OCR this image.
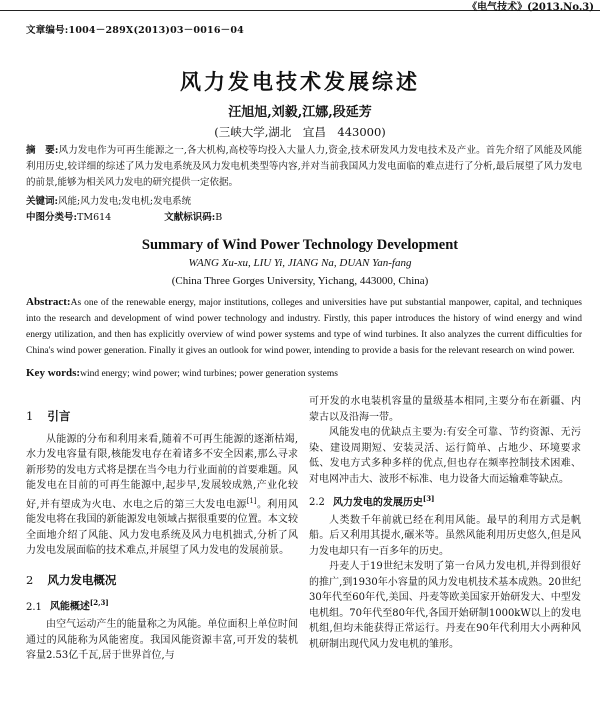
《电气技术》(2013.No.3)
文章编号:1004－289X(2013)03－0016－04
风力发电技术发展综述
汪旭旭,刘毅,江娜,段延芳
(三峡大学,湖北　宜昌　443000)
摘　要:风力发电作为可再生能源之一,各大机构,高校等均投入大量人力,资金,技术研发风力发电技术及产业。首先介绍了风能及风能利用历史,较详细的综述了风力发电系统及风力发电机类型等内容,并对当前我国风力发电面临的难点进行了分析,最后展望了风力发电的前景,能够为相关风力发电的研究提供一定依据。
关键词:风能;风力发电;发电机;发电系统
中图分类号:TM614	文献标识码:B
Summary of Wind Power Technology Development
WANG Xu-xu, LIU Yi, JIANG Na, DUAN Yan-fang
(China Three Gorges University, Yichang, 443000, China)
Abstract:As one of the renewable energy, major institutions, colleges and universities have put substantial manpower, capital, and techniques into the research and development of wind power technology and industry. Firstly, this paper introduces the history of wind energy and wind energy utilization, and then has explicitly overview of wind power systems and type of wind turbines. It also analyzes the current difficulties for China's wind power generation. Finally it gives an outlook for wind power, intending to provide a basis for the relevant research on wind power.
Key words:wind energy; wind power; wind turbines; power generation systems
1 引言

从能源的分布和利用来看,随着不可再生能源的逐渐枯竭,水力发电容量有限,核能发电存在着诸多不安全因素,那么寻求新形势的发电方式将是摆在当今电力行业面前的首要难题。风能发电在目前的可再生能源中,起步早,发展较成熟,产业化较好,并有望成为火电、水电之后的第三大发电电源[1]。利用风能发电将在我国的新能源发电领域占据很重要的位置。本文较全面地介绍了风能、风力发电系统及风力电机拙式,分析了风力发电发展面临的技术难点,并展望了风力发电的发展前景。

2 风力发电概况
2.1 风能概述[2,3]

由空气运动产生的能量称之为风能。单位面积上单位时间通过的风能称为风能密度。我国风能资源丰富,可开发的装机容量2.53亿千瓦,居于世界首位,与

可开发的水电装机容量的量级基本相同,主要分布在新疆、内蒙古以及沿海一带。

风能发电的优缺点主要为:有安全可靠、节约资源、无污染、建设周期短、安装灵活、运行简单、占地少、环境要求低、发电方式多种多样的优点,但也存在频率控制技术困难、对电网冲击大、波形不标准、电力设备大而运输难等缺点。

2.2 风力发电的发展历史[3]

人类数千年前就已经在利用风能。最早的利用方式是帆船。后又利用其提水,碾米等。虽然风能利用历史悠久,但是风力发电却只有一百多年的历史。

丹麦人于19世纪末发明了第一台风力发电机,并得到很好的推广,到1930年小容量的风力发电机技术基本成熟。20世纪30年代至60年代,美国、丹麦等欧美国家开始研发大、中型发电机组。70年代至80年代,各国开始研制1000kW以上的发电机组,但均未能获得正常运行。丹麦在90年代利用大小两种风机研制出现代风力发电机的雏形。
